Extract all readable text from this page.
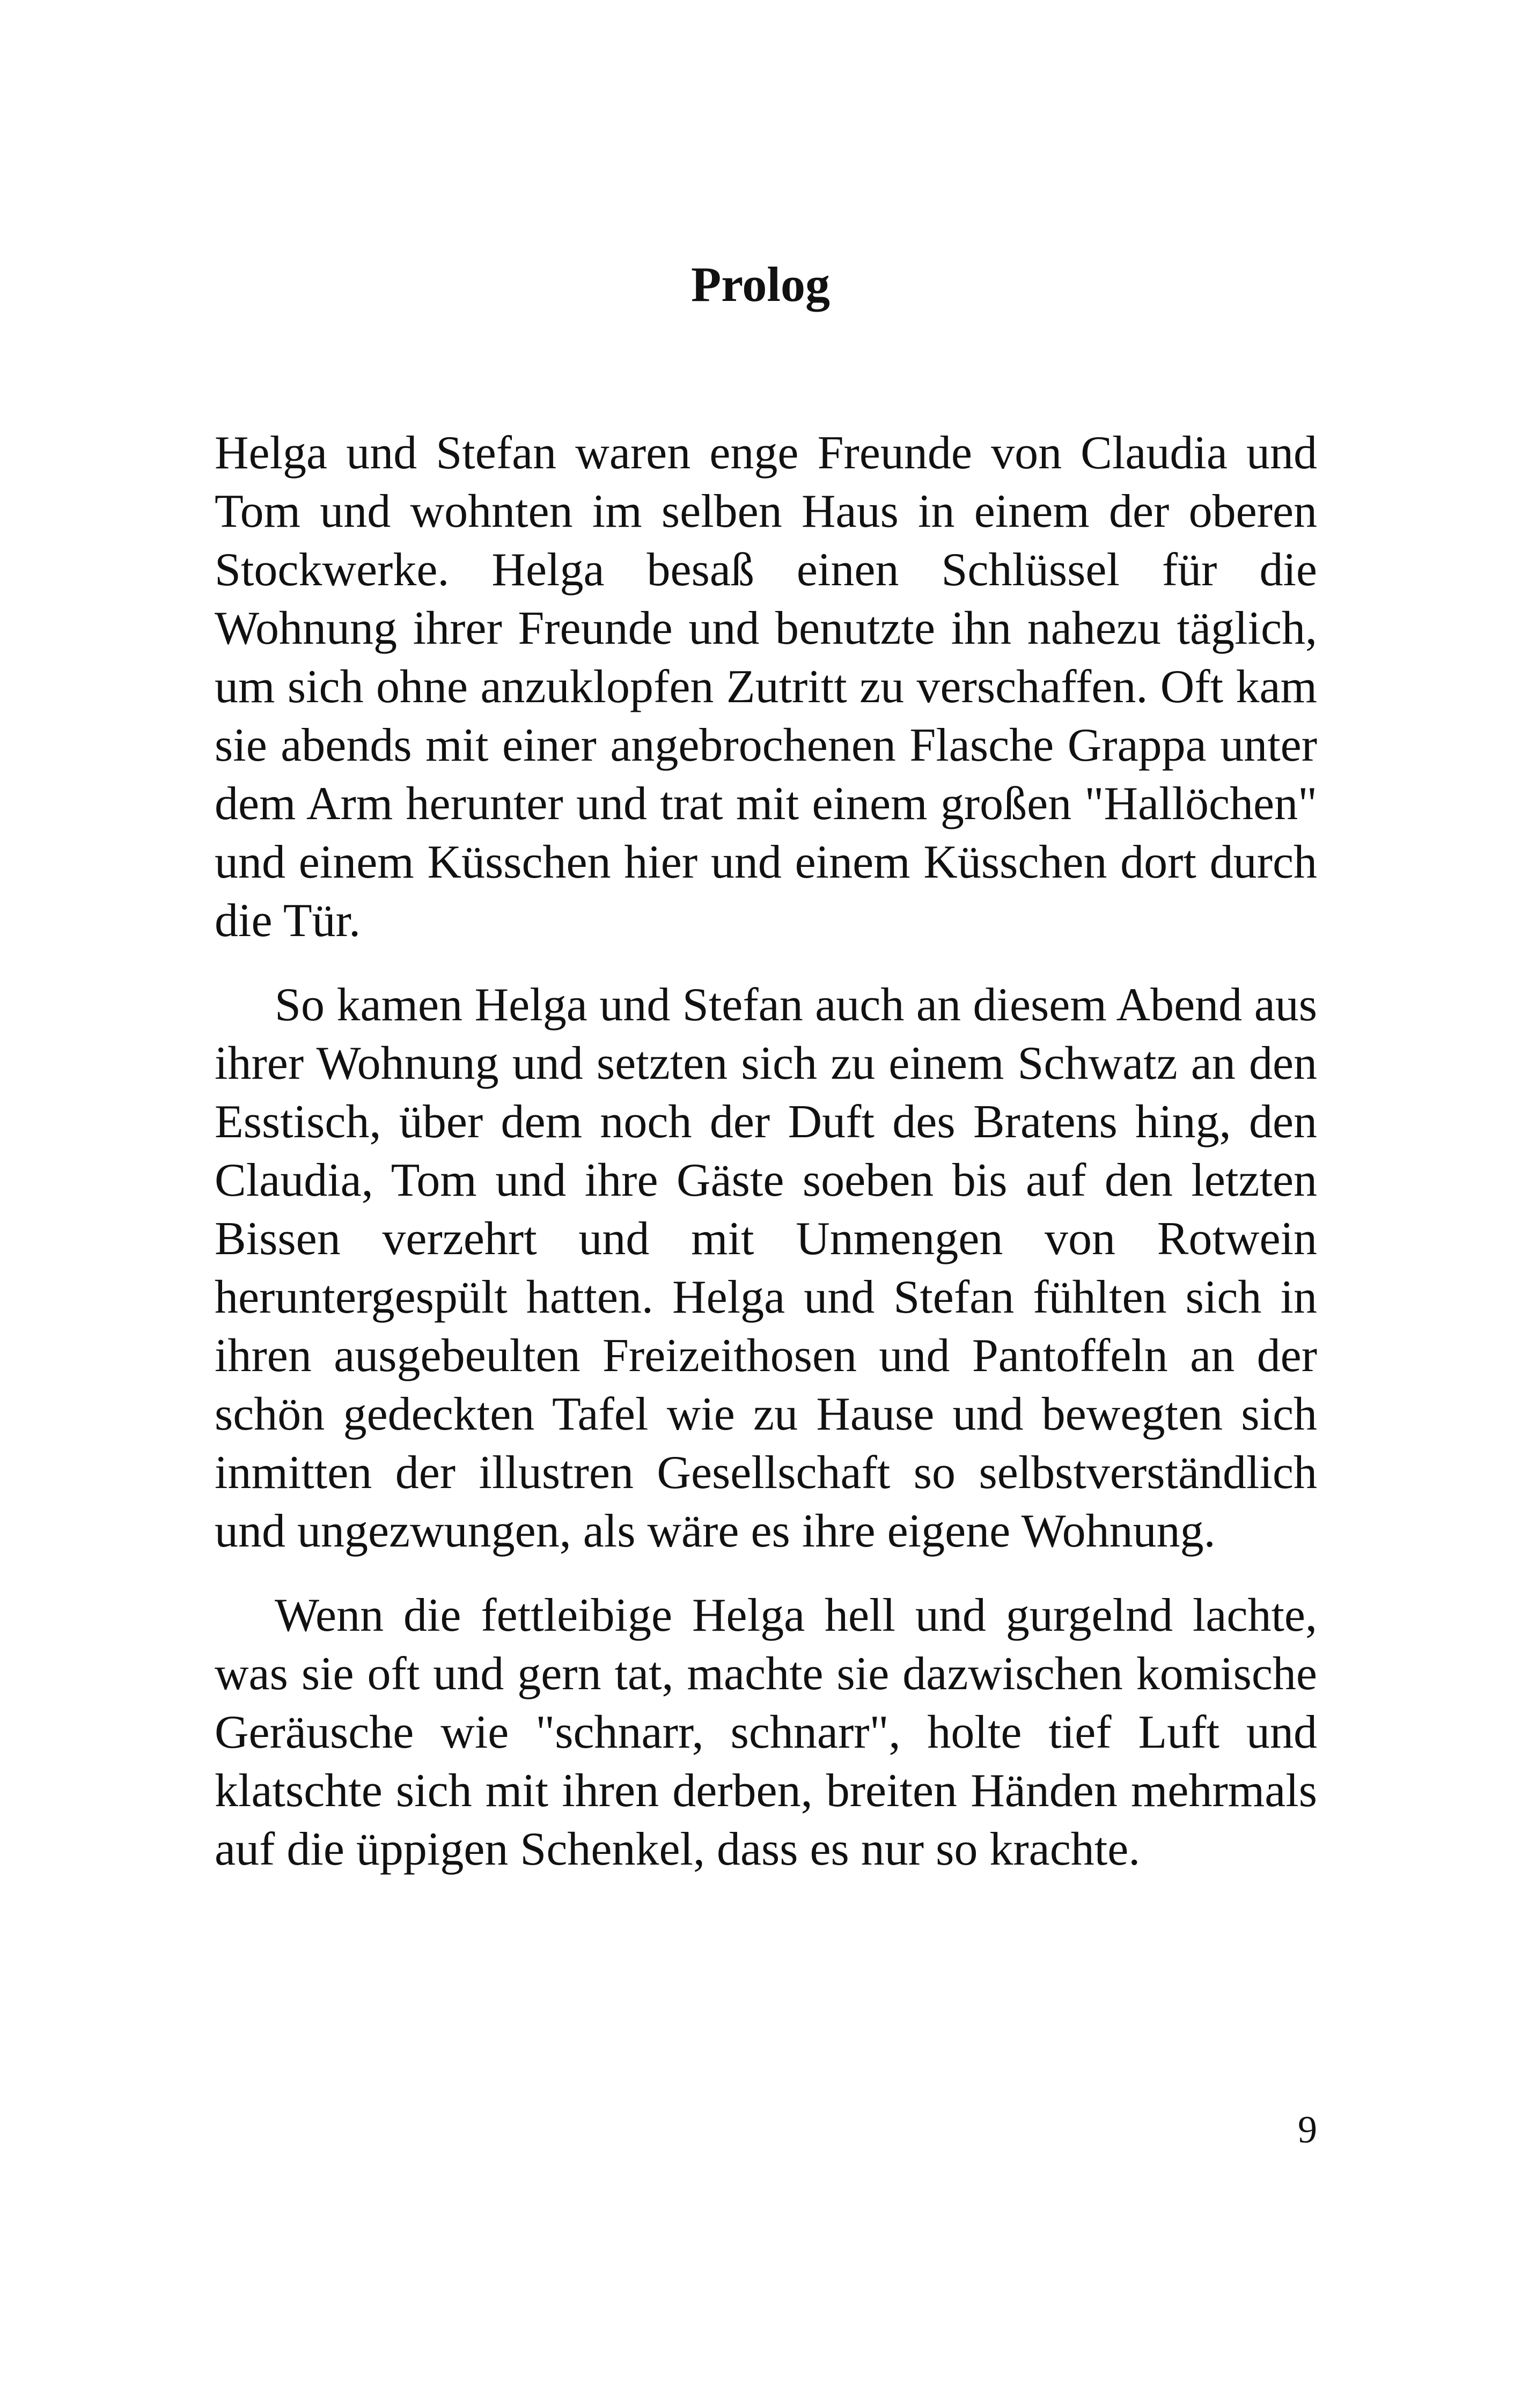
Prolog

Helga und Stefan waren enge Freunde von Claudia und Tom und wohnten im selben Haus in einem der oberen Stockwerke. Helga besaß einen Schlüssel für die Wohnung ihrer Freunde und benutzte ihn nahezu täglich, um sich ohne anzuklopfen Zutritt zu verschaffen. Oft kam sie abends mit einer angebrochenen Flasche Grappa unter dem Arm herunter und trat mit einem großen "Hallöchen" und einem Küsschen hier und einem Küsschen dort durch die Tür.

So kamen Helga und Stefan auch an diesem Abend aus ihrer Wohnung und setzten sich zu einem Schwatz an den Esstisch, über dem noch der Duft des Bratens hing, den Claudia, Tom und ihre Gäste soeben bis auf den letzten Bissen verzehrt und mit Unmengen von Rotwein heruntergespült hatten. Helga und Stefan fühlten sich in ihren ausgebeulten Freizeithosen und Pantoffeln an der schön gedeckten Tafel wie zu Hause und bewegten sich inmitten der illustren Gesellschaft so selbstverständlich und ungezwungen, als wäre es ihre eigene Wohnung.

Wenn die fettleibige Helga hell und gurgelnd lachte, was sie oft und gern tat, machte sie dazwischen komische Geräusche wie "schnarr, schnarr", holte tief Luft und klatschte sich mit ihren derben, breiten Händen mehrmals auf die üppigen Schenkel, dass es nur so krachte.

9
